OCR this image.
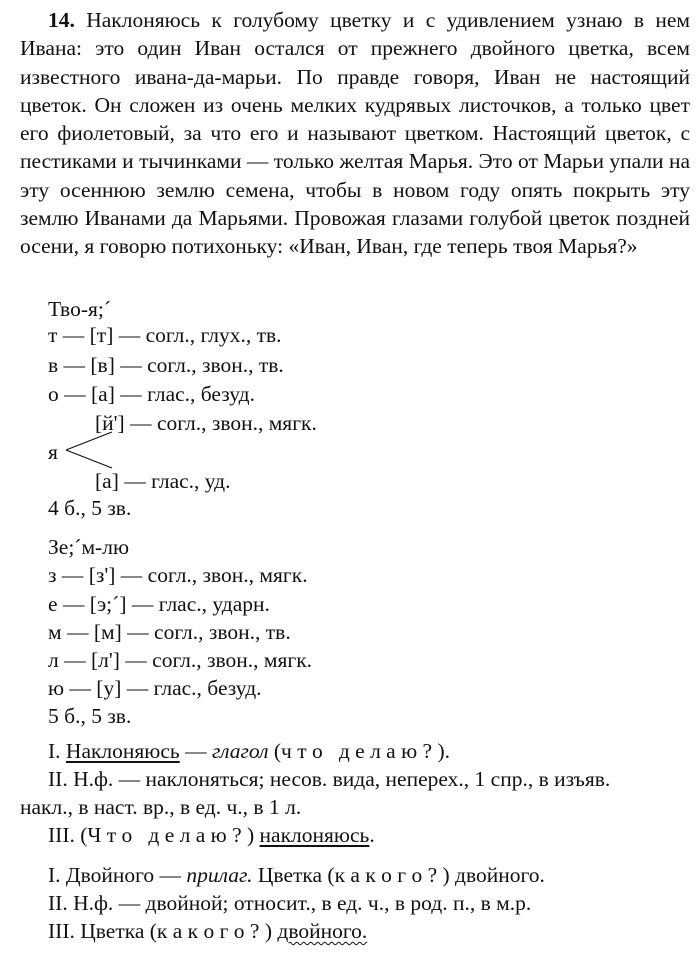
14. Наклоняюсь к голубому цветку и с удивлением узнаю в нем Ивана: это один Иван остался от прежнего двойного цветка, всем известного ивана-да-марьи. По правде говоря, Иван не настоящий цветок. Он сложен из очень мелких кудрявых листочков, а только цвет его фиолетовый, за что его и называют цветком. Настоящий цветок, с пестиками и тычинками — только желтая Марья. Это от Марьи упали на эту осеннюю землю семена, чтобы в новом году опять покрыть эту землю Иванами да Марьями. Провожая глазами голубой цветок поздней осени, я говорю потихоньку: «Иван, Иван, где теперь твоя Марья?»

Тво-я;´
т — [т] — согл., глух., тв.
в — [в] — согл., звон., тв.
о — [а] — глас., безуд.
[й'] — согл., звон., мягк.
я
[а] — глас., уд.
4 б., 5 зв.
Зе;´м-лю
з — [з'] — согл., звон., мягк.
е — [э;´] — глас., ударн.
м — [м] — согл., звон., тв.
л — [л'] — согл., звон., мягк.
ю — [у] — глас., безуд.
5 б., 5 зв.
I. Наклоняюсь — глагол (ч т о   д е л а ю ? ).
II. Н.ф. — наклоняться; несов. вида, неперех., 1 спр., в изъяв.
накл., в наст. вр., в ед. ч., в 1 л.
III. (Ч т о   д е л а ю ? ) наклоняюсь.
I. Двойного — прилаг. Цветка (к а к о г о ? ) двойного.
II. Н.ф. — двойной; относит., в ед. ч., в род. п., в м.р.
III. Цветка (к а к о г о ? ) двойного.
